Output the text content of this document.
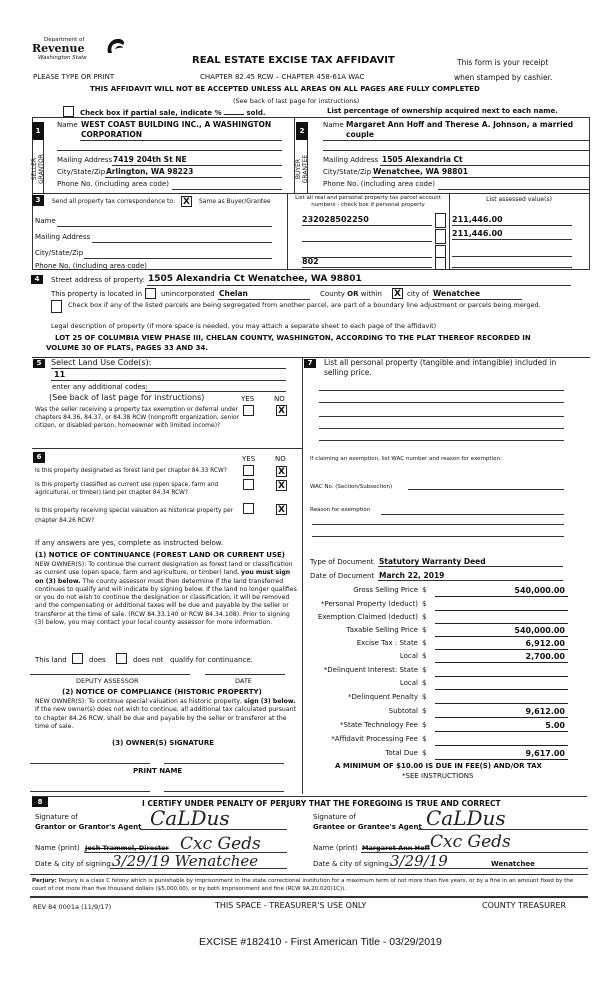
Department of
Revenue
Washington State	REAL ESTATE EXCISE TAX AFFIDAVIT	This form is your receipt
PLEASE TYPE OR PRINT	CHAPTER 82.45 RCW – CHAPTER 458-61A WAC	when stamped by cashier.
THIS AFFIDAVIT WILL NOT BE ACCEPTED UNLESS ALL AREAS ON ALL PAGES ARE FULLY COMPLETED
(See back of last page for instructions)
Check box if partial sale, indicate %	sold.	List percentage of ownership acquired next to each name.
1
SELLER
GRANTOR
Name WEST COAST BUILDING INC., A WASHINGTON
CORPORATION
Mailing Address 7419 204th St NE
City/State/Zip Arlington, WA 98223
Phone No. (including area code)
2
BUYER
GRANTEE
Name Margaret Ann Hoff and Therese A. Johnson, a married
couple
Mailing Address 1505 Alexandria Ct
City/State/Zip Wenatchee, WA 98801
Phone No. (including area code)
3	Send all property tax correspondence to: X	Same as Buyer/Grantee
Name
Mailing Address
City/State/Zip
Phone No. (including area code)
List all real and personal property tax parcel account numbers - check box if personal property
List assessed value(s)
232028502250
802
211,446.00
211,446.00
4	Street address of property: 1505 Alexandria Ct Wenatchee, WA 98801
This property is located in	unincorporated Chelan	County OR within X city of Wenatchee
Check box if any of the listed parcels are being segregated from another parcel, are part of a boundary line adjustment or parcels being merged.
Legal description of property (if more space is needed, you may attach a separate sheet to each page of the affidavit)
LOT 25 OF COLUMBIA VIEW PHASE III, CHELAN COUNTY, WASHINGTON, ACCORDING TO THE PLAT THEREOF RECORDED IN
VOLUME 30 OF PLATS, PAGES 33 AND 34.
5	Select Land Use Code(s):
11
enter any additional codes:
(See back of last page for instructions)	YES	NO
Was the seller receiving a property tax exemption or deferral under chapters 84.36, 84.37, or 84.38 RCW (nonprofit organization, senior citizen, or disabled person, homeowner with limited income)?
X
6	YES	NO
Is this property designated as forest land per chapter 84.33 RCW?	X
Is this property classified as current use (open space, farm and agricultural, or timber) land per chapter 84.34 RCW?
X
Is this property receiving special valuation as historical property per chapter 84.26 RCW?
X
If any answers are yes, complete as instructed below.
(1) NOTICE OF CONTINUANCE (FOREST LAND OR CURRENT USE)
NEW OWNER(S): To continue the current designation as forest land or classification as current use (open space, farm and agriculture, or timber) land, you must sign on (3) below. The county assessor must then determine if the land transferred continues to qualify and will indicate by signing below. If the land no longer qualifies or you do not wish to continue the designation or classification, it will be removed and the compensating or additional taxes will be due and payable by the seller or transferor at the time of sale. (RCW 84.33.140 or RCW 84.34.108). Prior to signing (3) below, you may contact your local county assessor for more information.
This land	does	does not qualify for continuance.
DEPUTY ASSESSOR	DATE
(2) NOTICE OF COMPLIANCE (HISTORIC PROPERTY)
NEW OWNER(S): To continue special valuation as historic property, sign (3) below. If the new owner(s) does not wish to continue, all additional tax calculated pursuant to chapter 84.26 RCW, shall be due and payable by the seller or transferor at the time of sale.
(3) OWNER(S) SIGNATURE
PRINT NAME
7	List all personal property (tangible and intangible) included in selling price.
If claiming an exemption, list WAC number and reason for exemption:
WAC No. (Section/Subsection)
Reason for exemption
Type of Document Statutory Warranty Deed
Date of Document March 22, 2019
Gross Selling Price $	540,000.00
*Personal Property (deduct) $
Exemption Claimed (deduct) $
Taxable Selling Price $	540,000.00
Excise Tax : State $	6,912.00
Local $	2,700.00
*Delinquent Interest: State $
Local $
*Delinquent Penalty $
Subtotal $	9,612.00
*State Technology Fee $	5.00
*Affidavit Processing Fee $
Total Due $	9,617.00
A MINIMUM OF $10.00 IS DUE IN FEE(S) AND/OR TAX
*SEE INSTRUCTIONS
8	I CERTIFY UNDER PENALTY OF PERJURY THAT THE FOREGOING IS TRUE AND CORRECT
Signature of
Grantor or Grantor's Agent CaLDus
Name (print) Josh Trammel, Director Cxc Geds
Date & city of signing:
3/29/19 Wenatchee
Signature of
Grantee or Grantee's Agent CaLDus
Name (print) Margaret Ann Hoff Cxc Geds
Date & city of signing:
3/29/19	Wenatchee
Perjury: Perjury is a class C felony which is punishable by imprisonment in the state correctional institution for a maximum term of not more than five years, or by a fine in an amount fixed by the court of not more than five thousand dollars ($5,000.00), or by both imprisonment and fine (RCW 9A.20.020(1C)).
REV 84 0001a (11/9/17)	THIS SPACE - TREASURER'S USE ONLY	COUNTY TREASURER
EXCISE #182410 - First American Title - 03/29/2019
